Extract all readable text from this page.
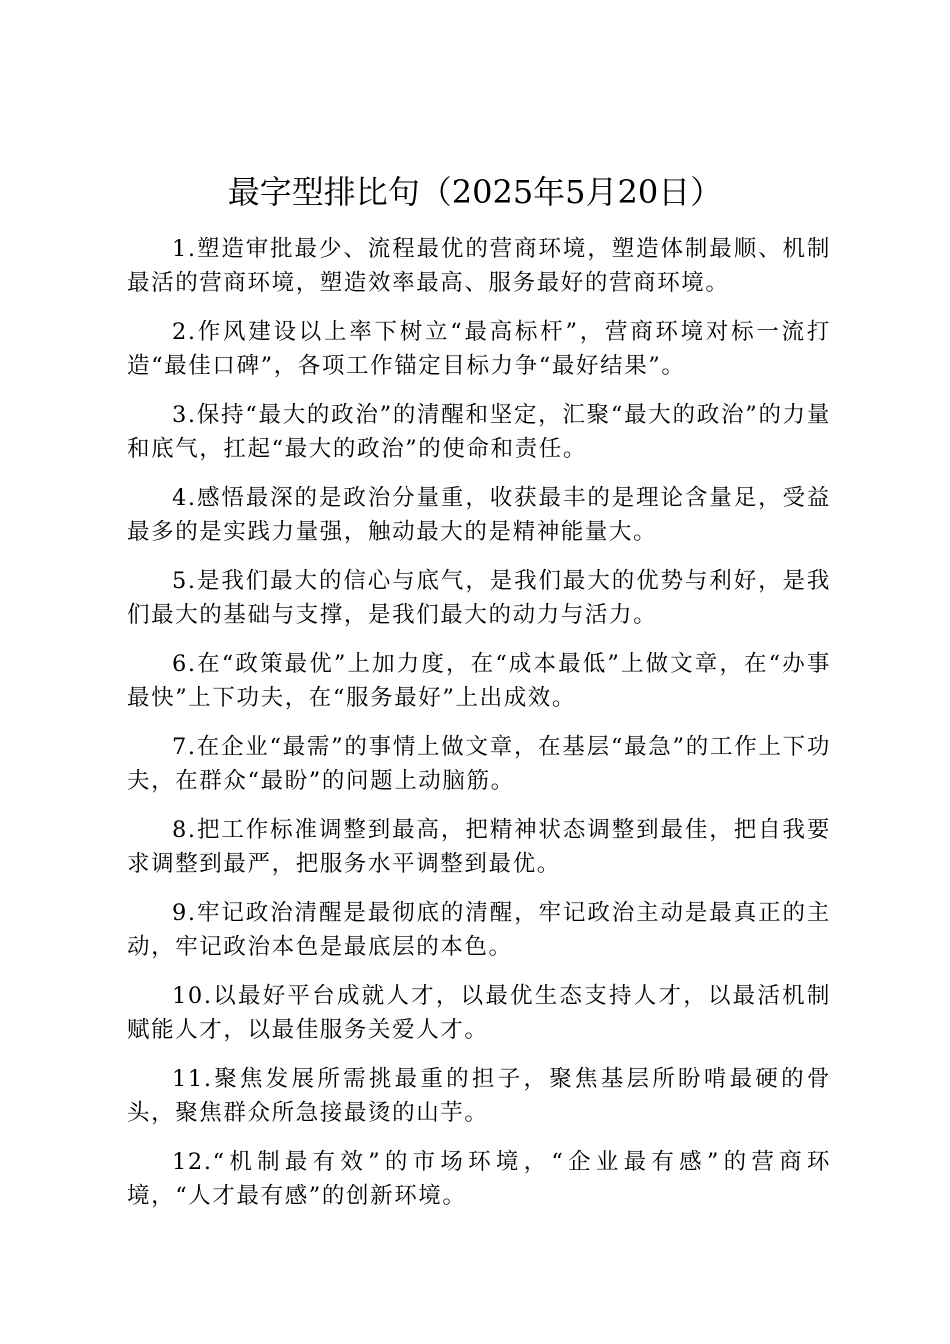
最字型排比句（2025年5月20日）

1.塑造审批最少、流程最优的营商环境，塑造体制最顺、机制最活的营商环境，塑造效率最高、服务最好的营商环境。

2.作风建设以上率下树立“最高标杆”，营商环境对标一流打造“最佳口碑”，各项工作锚定目标力争“最好结果”。

3.保持“最大的政治”的清醒和坚定，汇聚“最大的政治”的力量和底气，扛起“最大的政治”的使命和责任。

4.感悟最深的是政治分量重，收获最丰的是理论含量足，受益最多的是实践力量强，触动最大的是精神能量大。

5.是我们最大的信心与底气，是我们最大的优势与利好，是我们最大的基础与支撑，是我们最大的动力与活力。

6.在“政策最优”上加力度，在“成本最低”上做文章，在“办事最快”上下功夫，在“服务最好”上出成效。

7.在企业“最需”的事情上做文章，在基层“最急”的工作上下功夫，在群众“最盼”的问题上动脑筋。

8.把工作标准调整到最高，把精神状态调整到最佳，把自我要求调整到最严，把服务水平调整到最优。

9.牢记政治清醒是最彻底的清醒，牢记政治主动是最真正的主动，牢记政治本色是最底层的本色。

10.以最好平台成就人才，以最优生态支持人才，以最活机制赋能人才，以最佳服务关爱人才。

11.聚焦发展所需挑最重的担子，聚焦基层所盼啃最硬的骨头，聚焦群众所急接最烫的山芋。

12.“机制最有效”的市场环境，“企业最有感”的营商环境，“人才最有感”的创新环境。
